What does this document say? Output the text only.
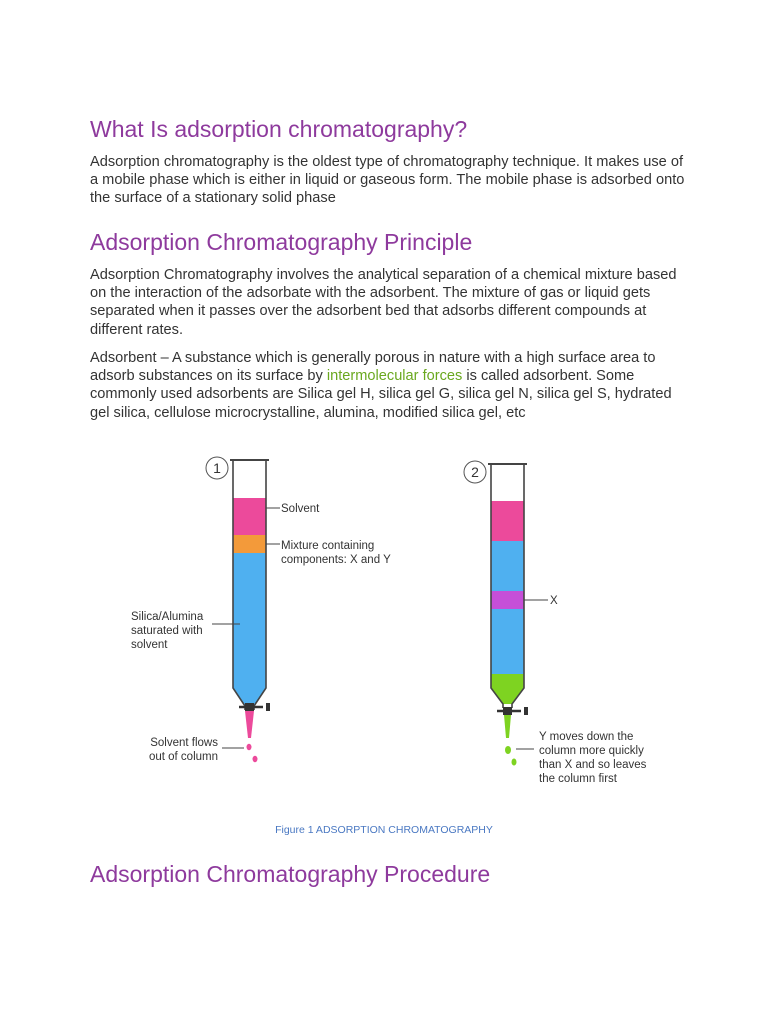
What Is adsorption chromatography?

Adsorption chromatography is the oldest type of chromatography technique. It makes use of a mobile phase which is either in liquid or gaseous form. The mobile phase is adsorbed onto the surface of a stationary solid phase

Adsorption Chromatography Principle

Adsorption Chromatography involves the analytical separation of a chemical mixture based on the interaction of the adsorbate with the adsorbent. The mixture of gas or liquid gets separated when it passes over the adsorbent bed that adsorbs different compounds at different rates.

Adsorbent – A substance which is generally porous in nature with a high surface area to adsorb substances on its surface by intermolecular forces is called adsorbent. Some commonly used adsorbents are Silica gel H, silica gel G, silica gel N, silica gel S, hydrated gel silica, cellulose microcrystalline, alumina, modified silica gel, etc

Adsorption Chromatography Procedure
1
Solvent
Mixture containing
components: X and Y
Silica/Alumina
saturated with
solvent
Solvent flows
out of column
2
X
Y moves down the
column more quickly
than X and so leaves
the column first
Figure 1 ADSORPTION CHROMATOGRAPHY
